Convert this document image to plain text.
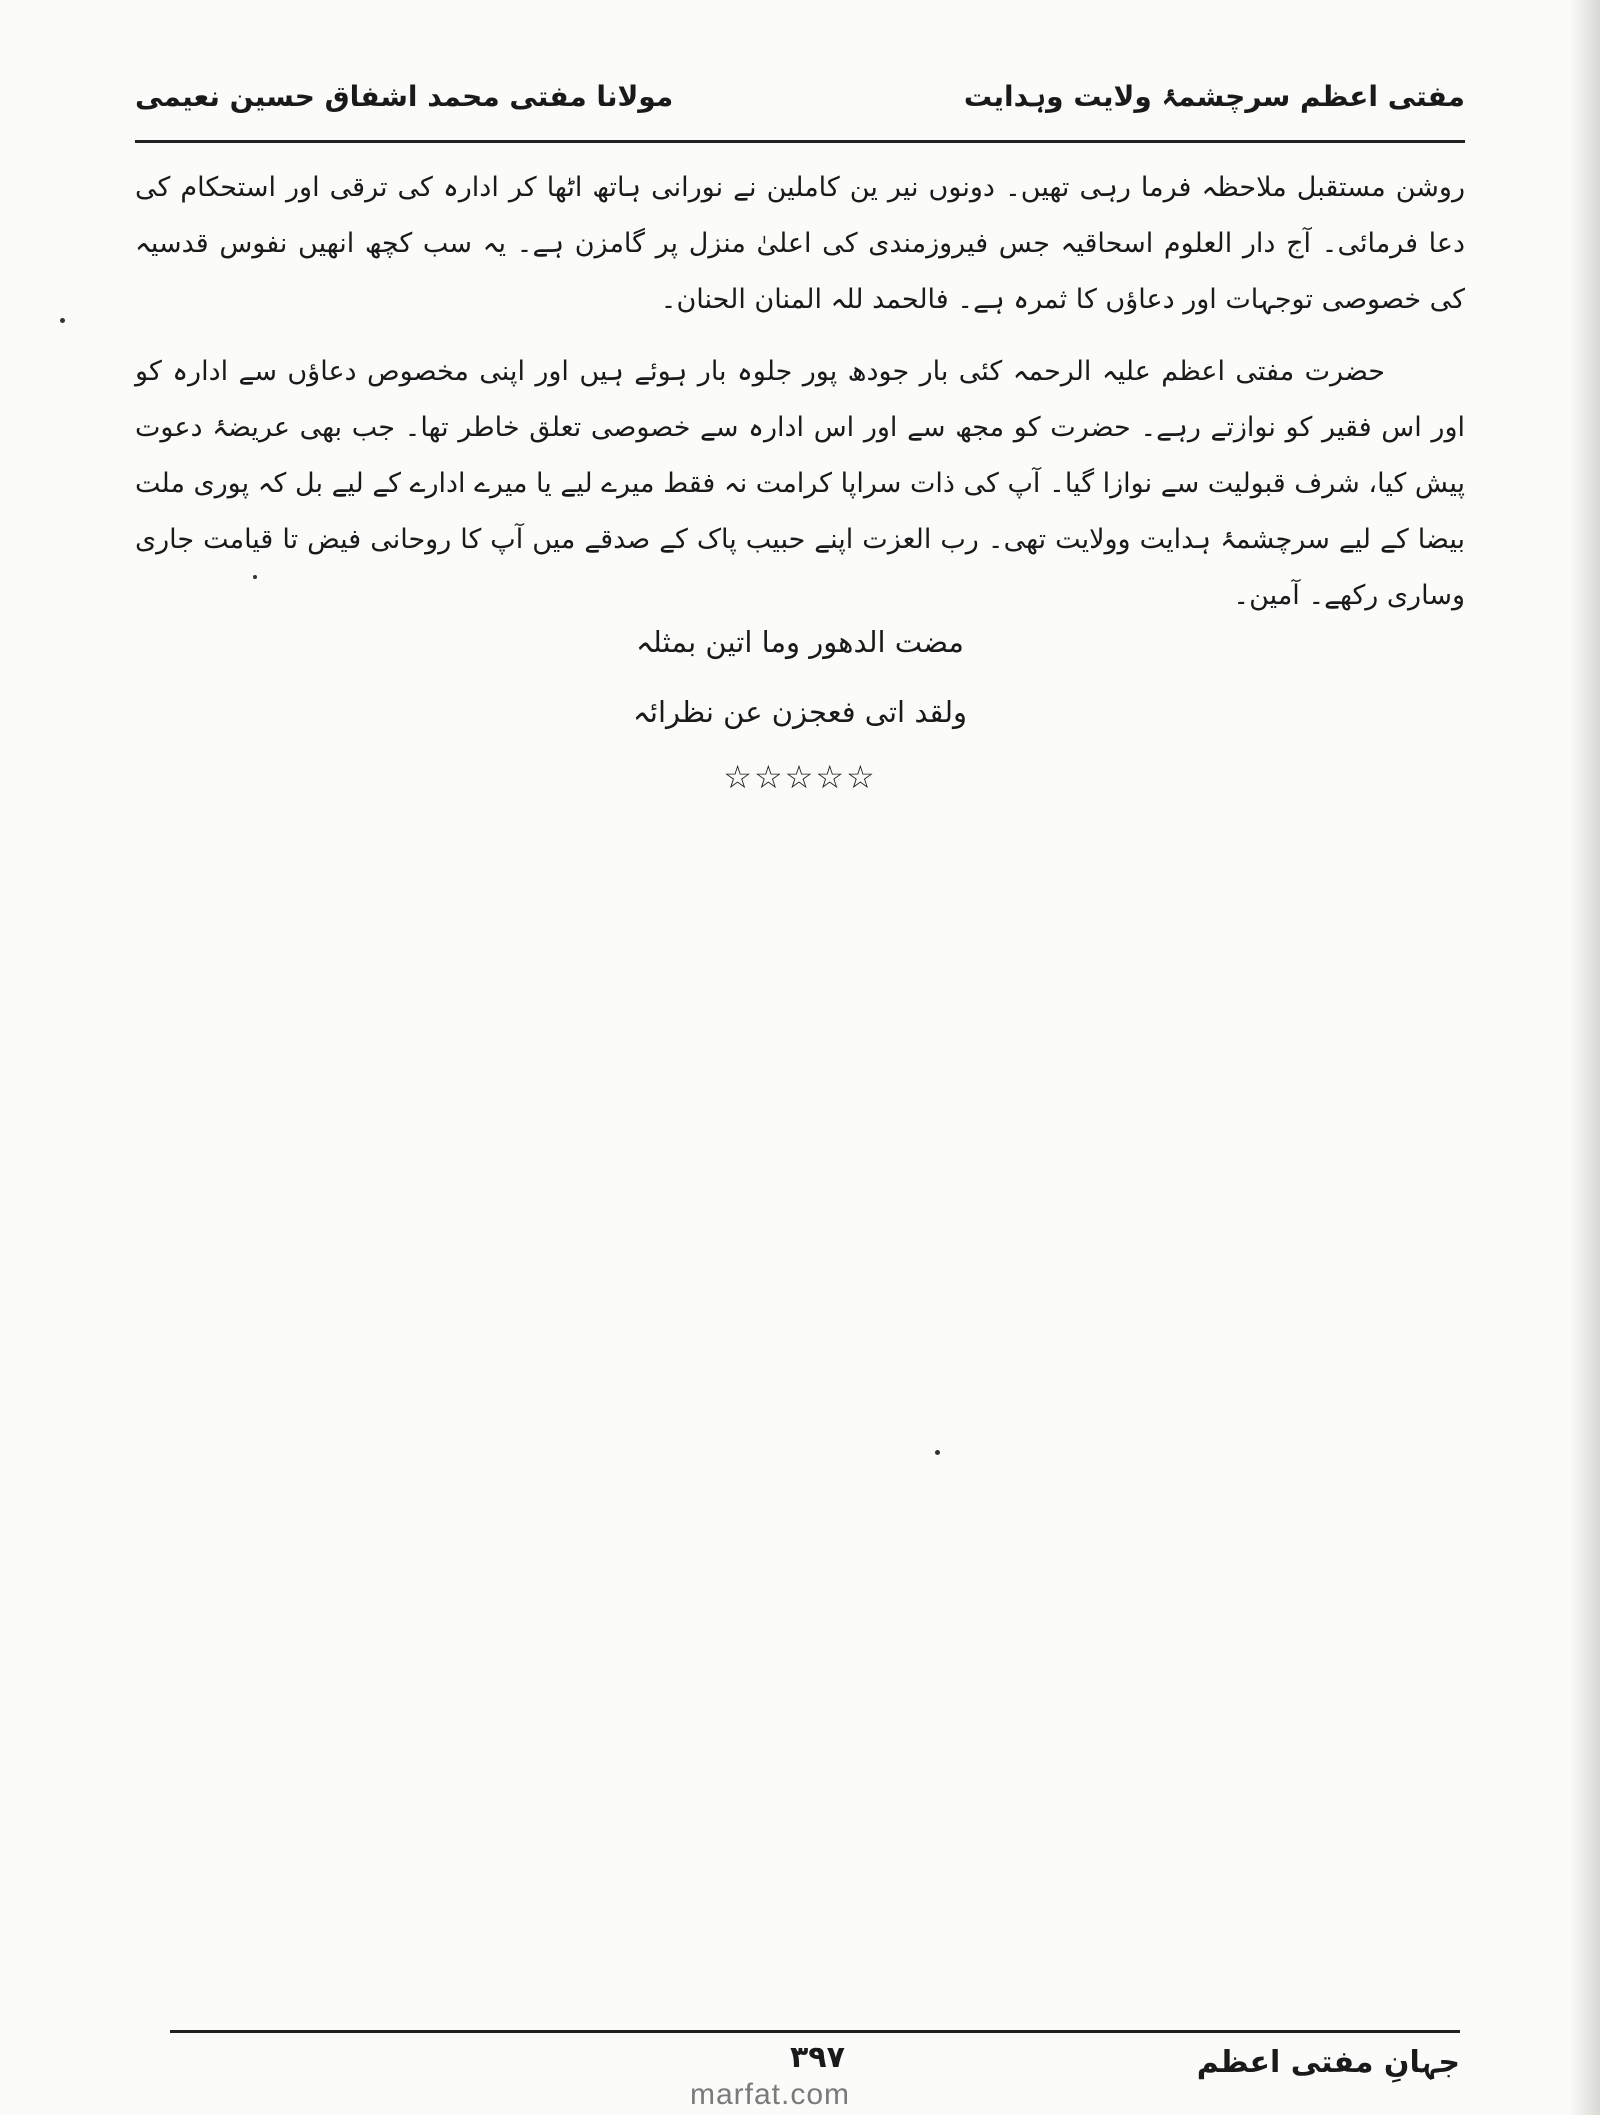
مفتی اعظم سرچشمۂ ولایت وہدایت
مولانا مفتی محمد اشفاق حسین نعیمی

روشن مستقبل ملاحظہ فرما رہی تھیں۔ دونوں نیر ین کاملین نے نورانی ہاتھ اٹھا کر ادارہ کی ترقی اور استحکام کی دعا فرمائی۔ آج دار العلوم اسحاقیہ جس فیروزمندی کی اعلیٰ منزل پر گامزن ہے۔ یہ سب کچھ انھیں نفوس قدسیہ کی خصوصی توجہات اور دعاؤں کا ثمرہ ہے۔ فالحمد للہ المنان الحنان۔

حضرت مفتی اعظم علیہ الرحمہ کئی بار جودھ پور جلوہ بار ہوئے ہیں اور اپنی مخصوص دعاؤں سے ادارہ کو اور اس فقیر کو نوازتے رہے۔ حضرت کو مجھ سے اور اس ادارہ سے خصوصی تعلق خاطر تھا۔ جب بھی عریضۂ دعوت پیش کیا، شرف قبولیت سے نوازا گیا۔ آپ کی ذات سراپا کرامت نہ فقط میرے لیے یا میرے ادارے کے لیے بل کہ پوری ملت بیضا کے لیے سرچشمۂ ہدایت وولایت تھی۔ رب العزت اپنے حبیب پاک کے صدقے میں آپ کا روحانی فیض تا قیامت جاری وساری رکھے۔ آمین۔

مضت الدھور وما اتین بمثلہ
ولقد اتی فعجزن عن نظرائہ
☆☆☆☆☆
جہانِ مفتی اعظم
۳۹۷
marfat.com
